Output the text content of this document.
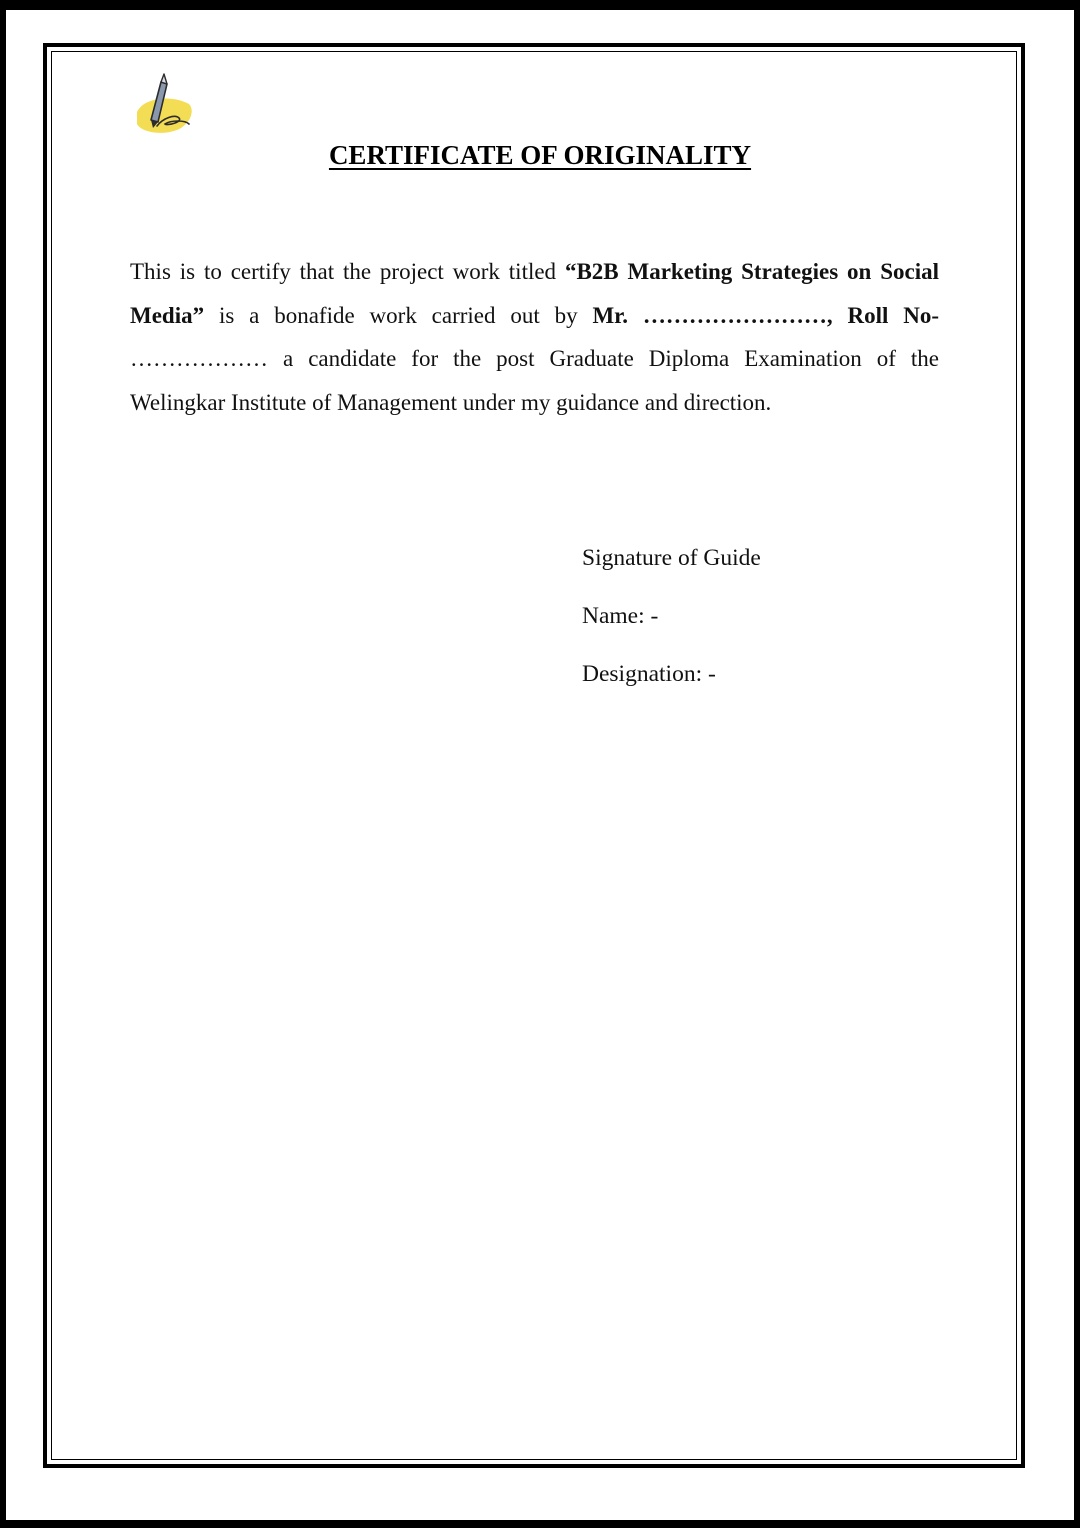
CERTIFICATE OF ORIGINALITY

This is to certify that the project work titled “B2B Marketing Strategies on Social Media” is a bonafide work carried out by Mr. ……………………, Roll No- ……………… a candidate for the post Graduate Diploma Examination of the Welingkar Institute of Management under my guidance and direction.

Signature of Guide

Name: -

Designation: -
